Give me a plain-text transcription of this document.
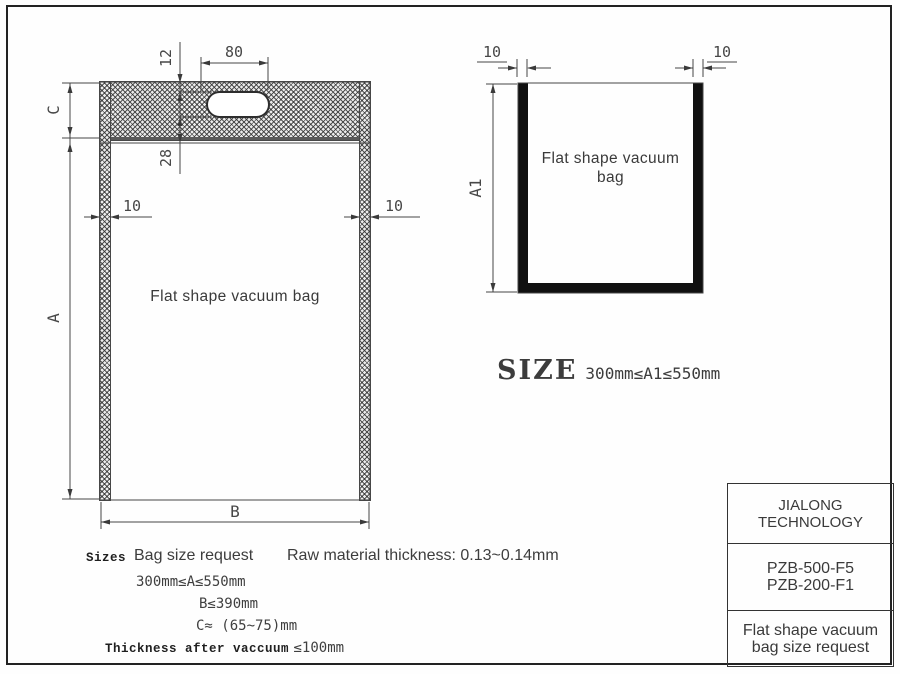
Flat shape vacuum bag
Flat shape vacuum
bag
SIZE 300mm≤A1≤550mm
Sizes Bag size request Raw material thickness: 0.13~0.14mm
300mm≤A≤550mm
B≤390mm
C≈ (65~75)mm
Thickness after vaccuum ≤100mm
JIALONG
TECHNOLOGY
PZB-500-F5
PZB-200-F1
Flat shape vacuum
bag size request
12	80
28
C
A
B
10	10
A1
10	10
